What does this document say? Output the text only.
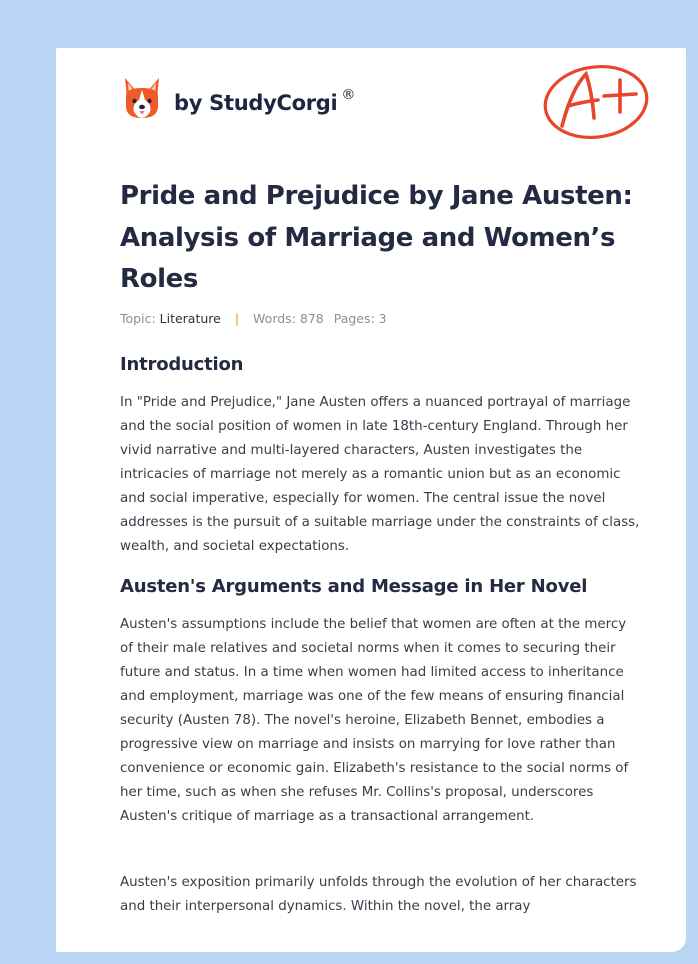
by StudyCorgi ®
A+
Pride and Prejudice by Jane Austen: Analysis of Marriage and Women’s Roles
Topic: Literature | Words: 878 Pages: 3
Introduction

In "Pride and Prejudice," Jane Austen offers a nuanced portrayal of marriage and the social position of women in late 18th-century England. Through her vivid narrative and multi-layered characters, Austen investigates the intricacies of marriage not merely as a romantic union but as an economic and social imperative, especially for women. The central issue the novel addresses is the pursuit of a suitable marriage under the constraints of class, wealth, and societal expectations.

Austen's Arguments and Message in Her Novel

Austen's assumptions include the belief that women are often at the mercy of their male relatives and societal norms when it comes to securing their future and status. In a time when women had limited access to inheritance and employment, marriage was one of the few means of ensuring financial security (Austen 78). The novel's heroine, Elizabeth Bennet, embodies a progressive view on marriage and insists on marrying for love rather than convenience or economic gain. Elizabeth's resistance to the social norms of her time, such as when she refuses Mr. Collins's proposal, underscores Austen's critique of marriage as a transactional arrangement.

Austen's exposition primarily unfolds through the evolution of her characters and their interpersonal dynamics. Within the novel, the array
